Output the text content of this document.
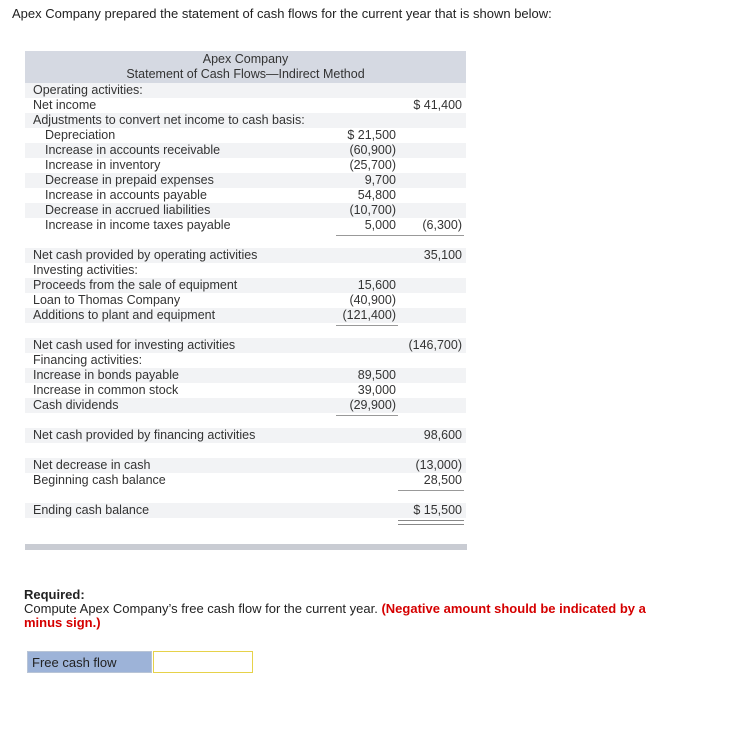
Apex Company prepared the statement of cash flows for the current year that is shown below:
Apex Company
Statement of Cash Flows—Indirect Method
Operating activities:
Net income	$ 41,400
Adjustments to convert net income to cash basis:
Depreciation	$ 21,500
Increase in accounts receivable	(60,900)
Increase in inventory	(25,700)
Decrease in prepaid expenses	9,700
Increase in accounts payable	54,800
Decrease in accrued liabilities	(10,700)
Increase in income taxes payable	5,000 (6,300)
Net cash provided by operating activities	35,100
Investing activities:
Proceeds from the sale of equipment	15,600
Loan to Thomas Company	(40,900)
Additions to plant and equipment	(121,400)
Net cash used for investing activities	(146,700)
Financing activities:
Increase in bonds payable	89,500
Increase in common stock	39,000
Cash dividends	(29,900)
Net cash provided by financing activities	98,600
Net decrease in cash	(13,000)
Beginning cash balance	28,500
Ending cash balance	$ 15,500
Required:
Compute Apex Company’s free cash flow for the current year. (Negative amount should be indicated by a minus sign.)
Free cash flow
